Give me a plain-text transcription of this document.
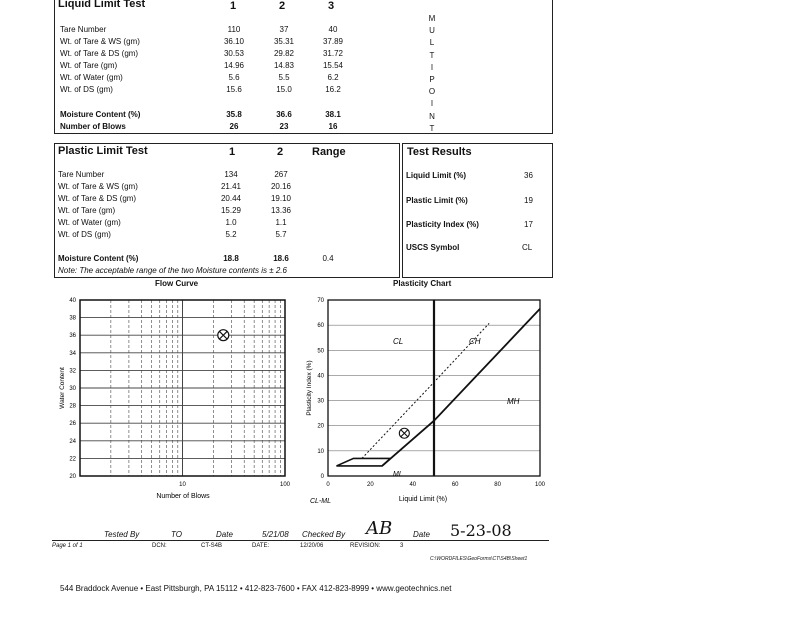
Liquid Limit Test	1	2	3
Tare Number	110	37	40
Wt. of Tare & WS (gm)	36.10	35.31	37.89
Wt. of Tare & DS (gm)	30.53	29.82	31.72
Wt. of Tare (gm)	14.96	14.83	15.54
Wt. of Water (gm)	5.6	5.5	6.2
Wt. of DS (gm)	15.6	15.0	16.2
Moisture Content (%)	35.8	36.6	38.1
Number of Blows	26	23	16
M
U
L
T
I
P
O
I
N
T
Plastic Limit Test	1	2	Range
Tare Number	134	267
Wt. of Tare & WS (gm)	21.41	20.16
Wt. of Tare & DS (gm)	20.44	19.10
Wt. of Tare (gm)	15.29	13.36
Wt. of Water (gm)	1.0	1.1
Wt. of DS (gm)	5.2	5.7
Moisture Content (%)	18.8	18.6	0.4
Note: The acceptable range of the two Moisture contents is ± 2.6
Test Results
Liquid Limit (%)	36
Plastic Limit (%)	19
Plasticity Index (%)	17
USCS Symbol	CL
Flow Curve	Plasticity Chart
40
38
36
34
32
30
28
26
24
22
20
10	100
Number of Blows
Water Content
70
60
50
40
30
20
10
0
0	20	40	60	80	100
CL	CH
MH
ML
CL-ML	Liquid Limit (%)
Plasticity Index (%)
Tested By	TO	Date	5/21/08 Checked By AB	Date 5-23-08
Page 1 of 1	DCN:	CT-S4B	DATE:	12/20/06	REVISION:	3
C:\WORDFILES\GeoForms\CT\S4B\Sheet1
544 Braddock Avenue • East Pittsburgh, PA 15112 • 412-823-7600 • FAX 412-823-8999 • www.geotechnics.net
